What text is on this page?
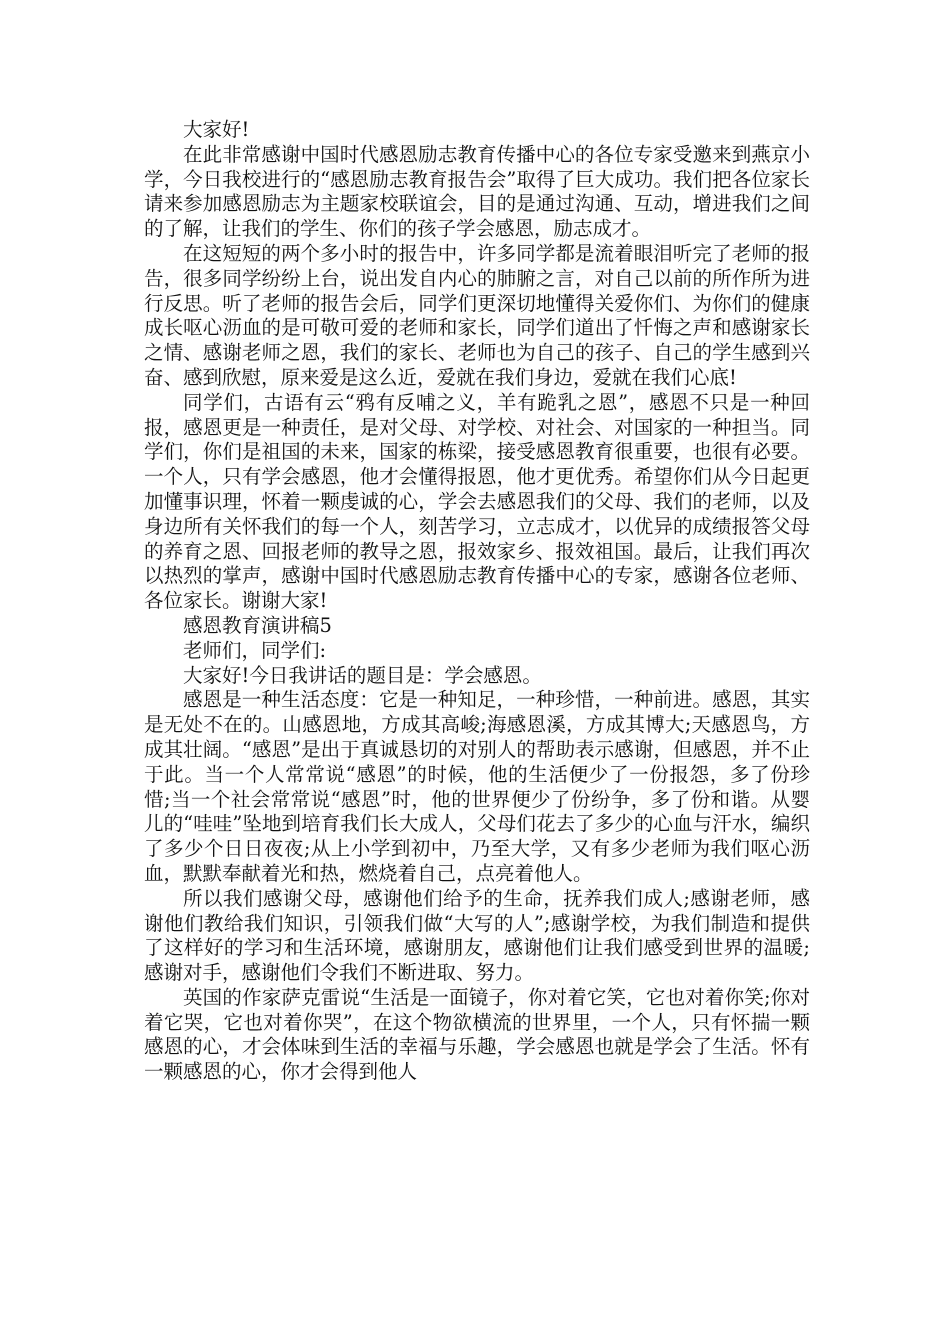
大家好!

在此非常感谢中国时代感恩励志教育传播中心的各位专家受邀来到燕京小学，今日我校进行的“感恩励志教育报告会”取得了巨大成功。我们把各位家长请来参加感恩励志为主题家校联谊会，目的是通过沟通、互动，增进我们之间的了解，让我们的学生、你们的孩子学会感恩，励志成才。

在这短短的两个多小时的报告中，许多同学都是流着眼泪听完了老师的报告，很多同学纷纷上台，说出发自内心的肺腑之言，对自己以前的所作所为进行反思。听了老师的报告会后，同学们更深切地懂得关爱你们、为你们的健康成长呕心沥血的是可敬可爱的老师和家长，同学们道出了忏悔之声和感谢家长之情、感谢老师之恩，我们的家长、老师也为自己的孩子、自己的学生感到兴奋、感到欣慰，原来爱是这么近，爱就在我们身边，爱就在我们心底!

同学们，古语有云“鸦有反哺之义，羊有跪乳之恩”，感恩不只是一种回报，感恩更是一种责任，是对父母、对学校、对社会、对国家的一种担当。同学们，你们是祖国的未来，国家的栋梁，接受感恩教育很重要，也很有必要。一个人，只有学会感恩，他才会懂得报恩，他才更优秀。希望你们从今日起更加懂事识理，怀着一颗虔诚的心，学会去感恩我们的父母、我们的老师，以及身边所有关怀我们的每一个人，刻苦学习，立志成才，以优异的成绩报答父母的养育之恩、回报老师的教导之恩，报效家乡、报效祖国。最后，让我们再次以热烈的掌声，感谢中国时代感恩励志教育传播中心的专家，感谢各位老师、各位家长。谢谢大家!

感恩教育演讲稿5

老师们，同学们:

大家好!今日我讲话的题目是：学会感恩。

感恩是一种生活态度：它是一种知足，一种珍惜，一种前进。感恩，其实是无处不在的。山感恩地，方成其高峻;海感恩溪，方成其博大;天感恩鸟，方成其壮阔。“感恩”是出于真诚恳切的对别人的帮助表示感谢，但感恩，并不止于此。当一个人常常说“感恩”的时候，他的生活便少了一份报怨，多了份珍惜;当一个社会常常说“感恩”时，他的世界便少了份纷争，多了份和谐。从婴儿的“哇哇”坠地到培育我们长大成人，父母们花去了多少的心血与汗水，编织了多少个日日夜夜;从上小学到初中，乃至大学，又有多少老师为我们呕心沥血，默默奉献着光和热，燃烧着自己，点亮着他人。

所以我们感谢父母，感谢他们给予的生命，抚养我们成人;感谢老师，感谢他们教给我们知识，引领我们做“大写的人”;感谢学校，为我们制造和提供了这样好的学习和生活环境，感谢朋友，感谢他们让我们感受到世界的温暖;感谢对手，感谢他们令我们不断进取、努力。

英国的作家萨克雷说“生活是一面镜子，你对着它笑，它也对着你笑;你对着它哭，它也对着你哭”，在这个物欲横流的世界里，一个人，只有怀揣一颗感恩的心，才会体味到生活的幸福与乐趣，学会感恩也就是学会了生活。怀有一颗感恩的心，你才会得到他人
